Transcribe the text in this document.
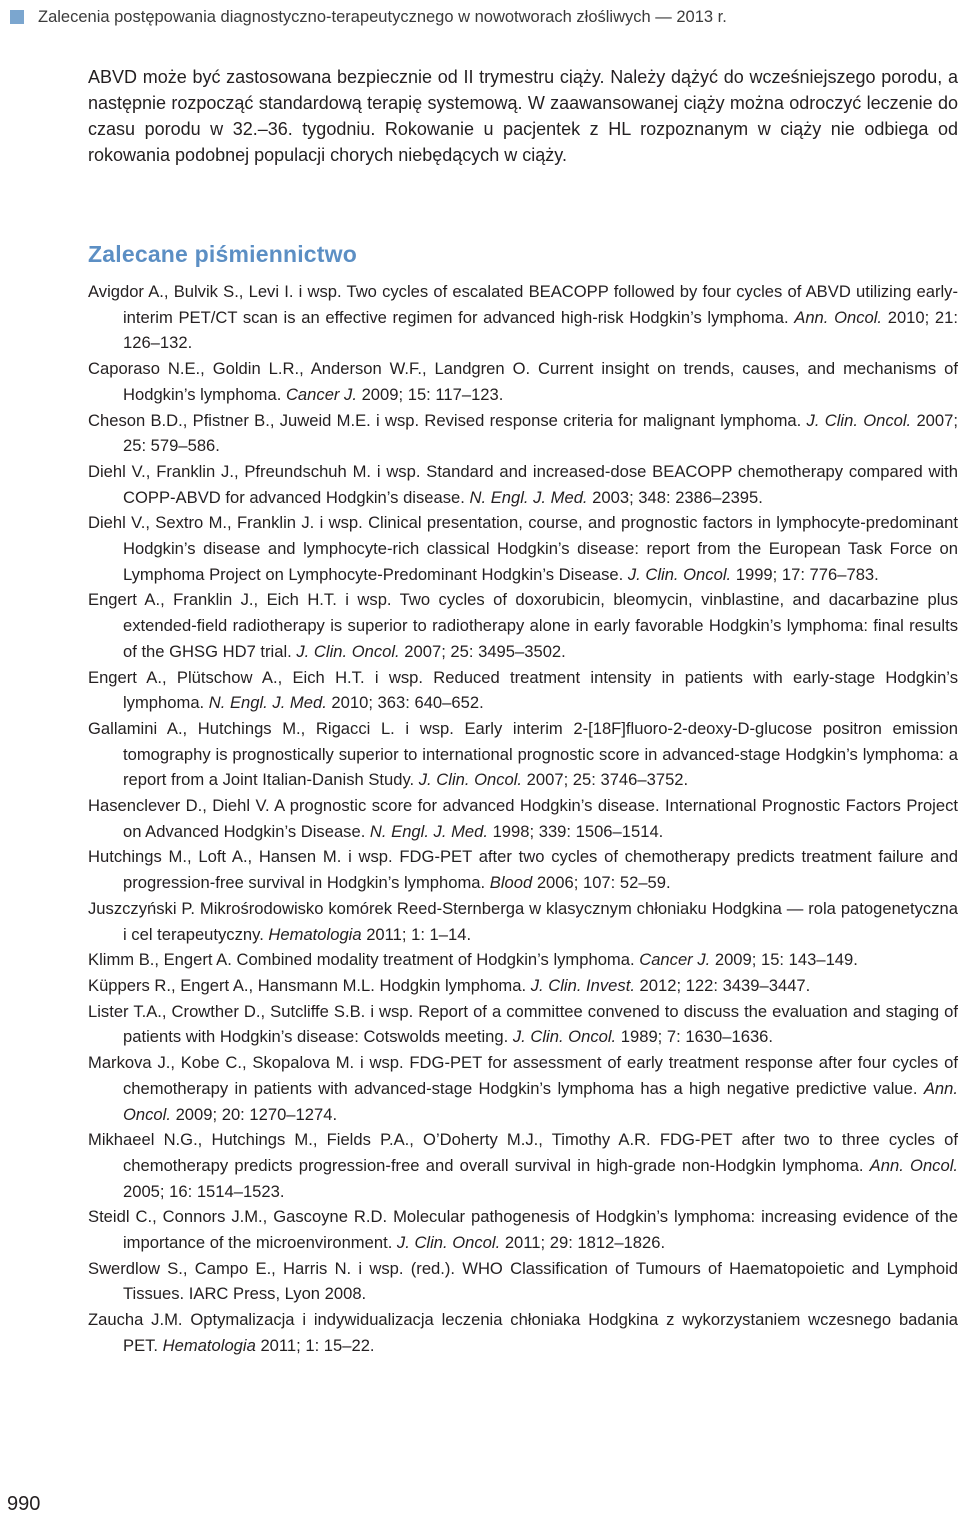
Zalecenia postępowania diagnostyczno-terapeutycznego w nowotworach złośliwych — 2013 r.

ABVD może być zastosowana bezpiecznie od II trymestru ciąży. Należy dążyć do wcześniejszego porodu, a następnie rozpocząć standardową terapię systemową. W zaawansowanej ciąży można odroczyć leczenie do czasu porodu w 32.–36. tygodniu. Rokowanie u pacjentek z HL rozpoznanym w ciąży nie odbiega od rokowania podobnej populacji chorych niebędących w ciąży.

Zalecane piśmiennictwo
Avigdor A., Bulvik S., Levi I. i wsp. Two cycles of escalated BEACOPP followed by four cycles of ABVD utilizing early-interim PET/CT scan is an effective regimen for advanced high-risk Hodgkin’s lymphoma. Ann. Oncol. 2010; 21: 126–132.
Caporaso N.E., Goldin L.R., Anderson W.F., Landgren O. Current insight on trends, causes, and mechanisms of Hodgkin’s lymphoma. Cancer J. 2009; 15: 117–123.
Cheson B.D., Pfistner B., Juweid M.E. i wsp. Revised response criteria for malignant lymphoma. J. Clin. Oncol. 2007; 25: 579–586.
Diehl V., Franklin J., Pfreundschuh M. i wsp. Standard and increased-dose BEACOPP chemotherapy compared with COPP-ABVD for advanced Hodgkin’s disease. N. Engl. J. Med. 2003; 348: 2386–2395.
Diehl V., Sextro M., Franklin J. i wsp. Clinical presentation, course, and prognostic factors in lymphocyte-predominant Hodgkin’s disease and lymphocyte-rich classical Hodgkin’s disease: report from the European Task Force on Lymphoma Project on Lymphocyte-Predominant Hodgkin’s Disease. J. Clin. Oncol. 1999; 17: 776–783.
Engert A., Franklin J., Eich H.T. i wsp. Two cycles of doxorubicin, bleomycin, vinblastine, and dacarbazine plus extended-field radiotherapy is superior to radiotherapy alone in early favorable Hodgkin’s lymphoma: final results of the GHSG HD7 trial. J. Clin. Oncol. 2007; 25: 3495–3502.
Engert A., Plütschow A., Eich H.T. i wsp. Reduced treatment intensity in patients with early-stage Hodgkin’s lymphoma. N. Engl. J. Med. 2010; 363: 640–652.
Gallamini A., Hutchings M., Rigacci L. i wsp. Early interim 2-[18F]fluoro-2-deoxy-D-glucose positron emission tomography is prognostically superior to international prognostic score in advanced-stage Hodgkin’s lymphoma: a report from a Joint Italian-Danish Study. J. Clin. Oncol. 2007; 25: 3746–3752.
Hasenclever D., Diehl V. A prognostic score for advanced Hodgkin’s disease. International Prognostic Factors Project on Advanced Hodgkin’s Disease. N. Engl. J. Med. 1998; 339: 1506–1514.
Hutchings M., Loft A., Hansen M. i wsp. FDG-PET after two cycles of chemotherapy predicts treatment failure and progression-free survival in Hodgkin’s lymphoma. Blood 2006; 107: 52–59.
Juszczyński P. Mikrośrodowisko komórek Reed-Sternberga w klasycznym chłoniaku Hodgkina — rola patogenetyczna i cel terapeutyczny. Hematologia 2011; 1: 1–14.
Klimm B., Engert A. Combined modality treatment of Hodgkin’s lymphoma. Cancer J. 2009; 15: 143–149.
Küppers R., Engert A., Hansmann M.L. Hodgkin lymphoma. J. Clin. Invest. 2012; 122: 3439–3447.
Lister T.A., Crowther D., Sutcliffe S.B. i wsp. Report of a committee convened to discuss the evaluation and staging of patients with Hodgkin’s disease: Cotswolds meeting. J. Clin. Oncol. 1989; 7: 1630–1636.
Markova J., Kobe C., Skopalova M. i wsp. FDG-PET for assessment of early treatment response after four cycles of chemotherapy in patients with advanced-stage Hodgkin’s lymphoma has a high negative predictive value. Ann. Oncol. 2009; 20: 1270–1274.
Mikhaeel N.G., Hutchings M., Fields P.A., O’Doherty M.J., Timothy A.R. FDG-PET after two to three cycles of chemotherapy predicts progression-free and overall survival in high-grade non-Hodgkin lymphoma. Ann. Oncol. 2005; 16: 1514–1523.
Steidl C., Connors J.M., Gascoyne R.D. Molecular pathogenesis of Hodgkin’s lymphoma: increasing evidence of the importance of the microenvironment. J. Clin. Oncol. 2011; 29: 1812–1826.
Swerdlow S., Campo E., Harris N. i wsp. (red.). WHO Classification of Tumours of Haematopoietic and Lymphoid Tissues. IARC Press, Lyon 2008.
Zaucha J.M. Optymalizacja i indywidualizacja leczenia chłoniaka Hodgkina z wykorzystaniem wczesnego badania PET. Hematologia 2011; 1: 15–22.
990
